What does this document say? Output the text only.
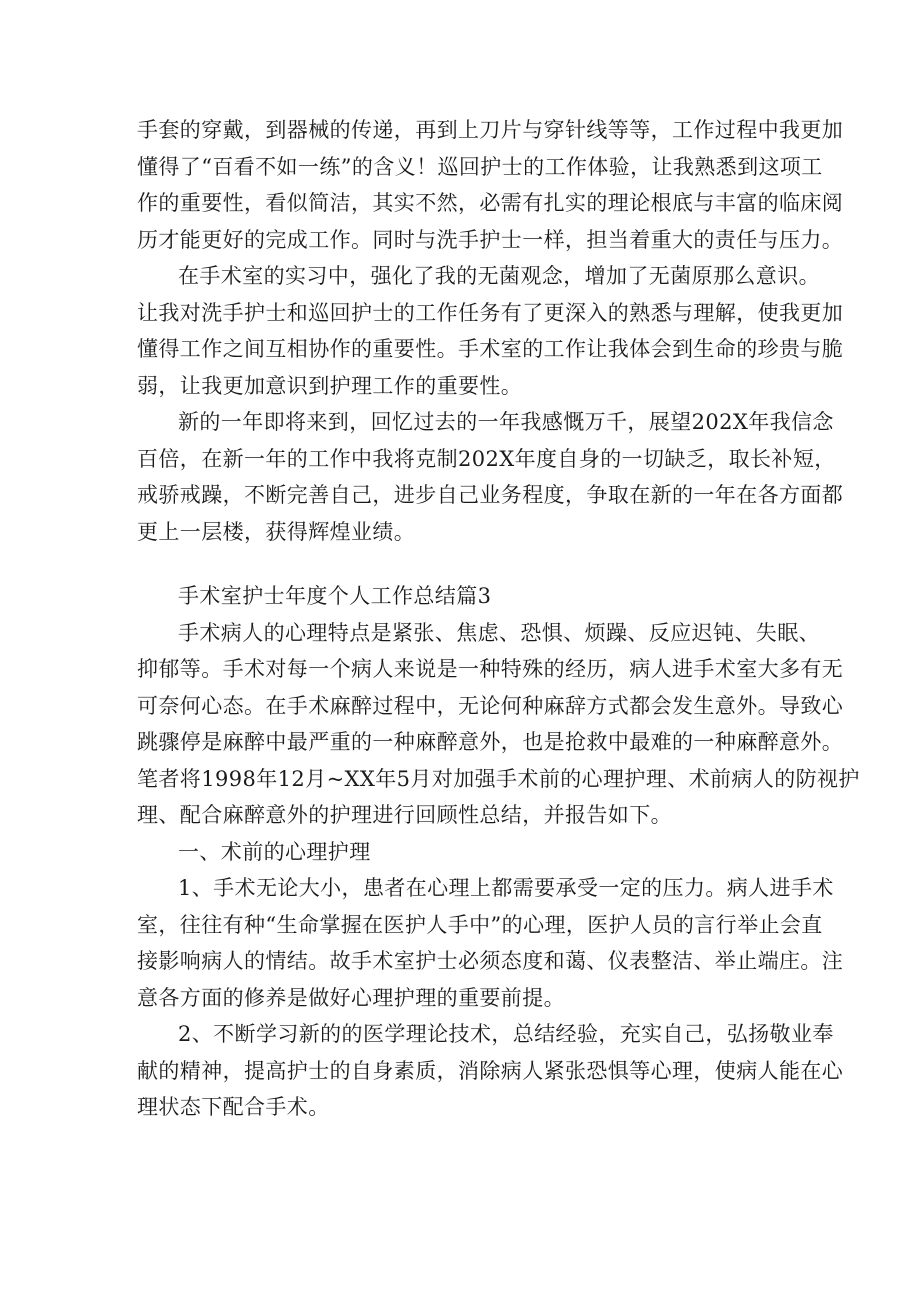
手套的穿戴，到器械的传递，再到上刀片与穿针线等等，工作过程中我更加
懂得了“百看不如一练”的含义！巡回护士的工作体验，让我熟悉到这项工
作的重要性，看似简洁，其实不然，必需有扎实的理论根底与丰富的临床阅
历才能更好的完成工作。同时与洗手护士一样，担当着重大的责任与压力。
在手术室的实习中，强化了我的无菌观念，增加了无菌原那么意识。
让我对洗手护士和巡回护士的工作任务有了更深入的熟悉与理解，使我更加
懂得工作之间互相协作的重要性。手术室的工作让我体会到生命的珍贵与脆
弱，让我更加意识到护理工作的重要性。
新的一年即将来到，回忆过去的一年我感慨万千，展望202X年我信念
百倍，在新一年的工作中我将克制202X年度自身的一切缺乏，取长补短，
戒骄戒躁，不断完善自己，进步自己业务程度，争取在新的一年在各方面都
更上一层楼，获得辉煌业绩。
手术室护士年度个人工作总结篇3
手术病人的心理特点是紧张、焦虑、恐惧、烦躁、反应迟钝、失眠、
抑郁等。手术对每一个病人来说是一种特殊的经历，病人进手术室大多有无
可奈何心态。在手术麻醉过程中，无论何种麻辞方式都会发生意外。导致心
跳骤停是麻醉中最严重的一种麻醉意外，也是抢救中最难的一种麻醉意外。
笔者将1998年12月~XX年5月对加强手术前的心理护理、术前病人的防视护
理、配合麻醉意外的护理进行回顾性总结，并报告如下。
一、术前的心理护理
1、手术无论大小，患者在心理上都需要承受一定的压力。病人进手术
室，往往有种“生命掌握在医护人手中”的心理，医护人员的言行举止会直
接影响病人的情结。故手术室护士必须态度和蔼、仪表整洁、举止端庄。注
意各方面的修养是做好心理护理的重要前提。
2、不断学习新的的医学理论技术，总结经验，充实自己，弘扬敬业奉
献的精神，提高护士的自身素质，消除病人紧张恐惧等心理，使病人能在心
理状态下配合手术。
